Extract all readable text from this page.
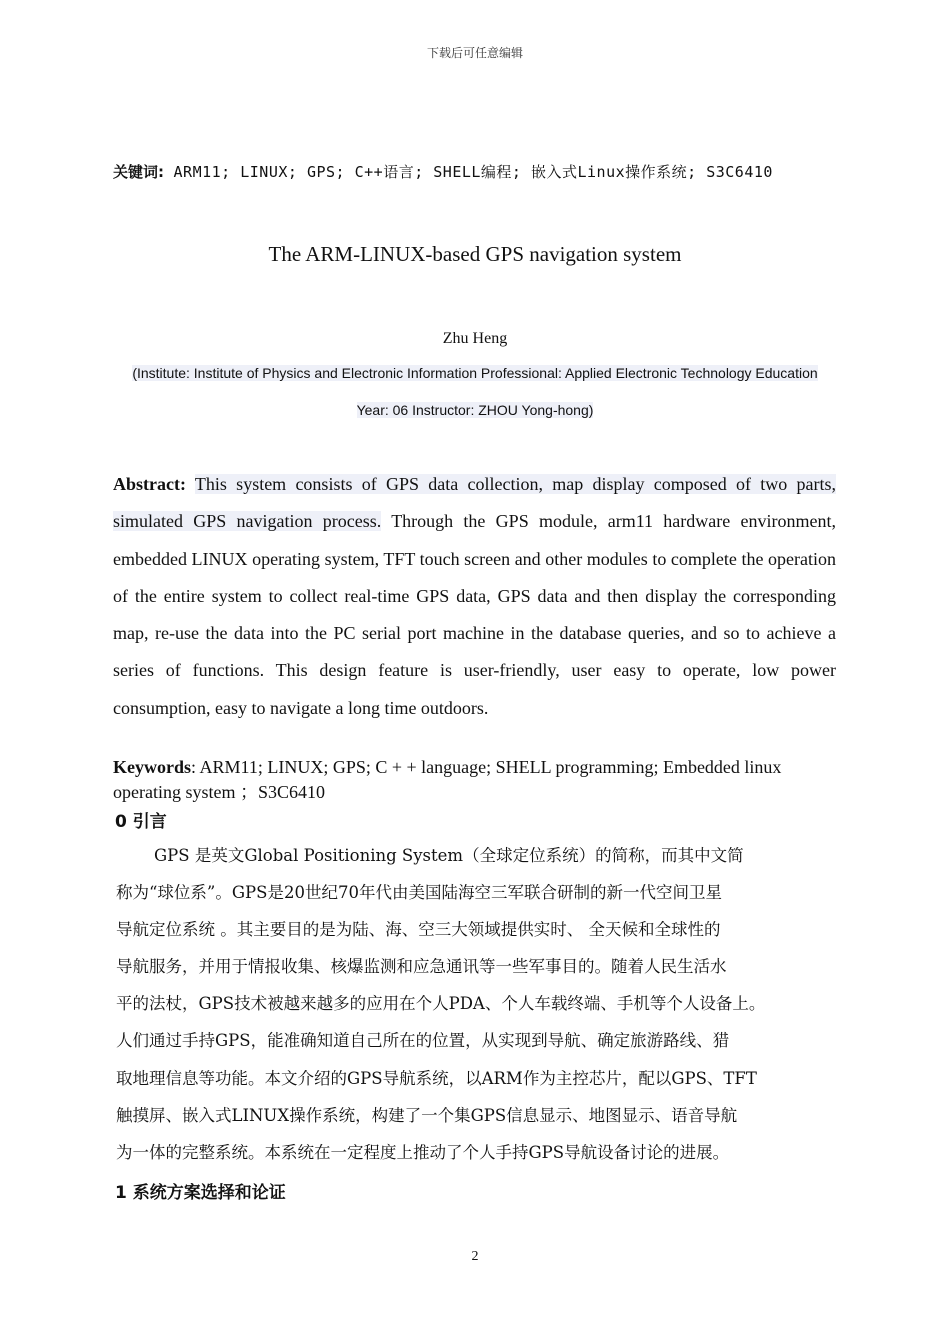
下载后可任意编辑
关键词: ARM11; LINUX; GPS; C++语言; SHELL编程; 嵌入式Linux操作系统; S3C6410
The ARM-LINUX-based GPS navigation system
Zhu Heng
(Institute: Institute of Physics and Electronic Information Professional: Applied Electronic Technology Education
Year: 06 Instructor: ZHOU Yong-hong)
Abstract: This system consists of GPS data collection, map display composed of two parts, simulated GPS navigation process. Through the GPS module, arm11 hardware environment, embedded LINUX operating system, TFT touch screen and other modules to complete the operation of the entire system to collect real-time GPS data, GPS data and then display the corresponding map, re-use the data into the PC serial port machine in the database queries, and so to achieve a series of functions. This design feature is user-friendly, user easy to operate, low power consumption, easy to navigate a long time outdoors.
Keywords: ARM11; LINUX; GPS; C + + language; SHELL programming; Embedded linux operating system ；S3C6410
0 引言
GPS 是英文Global Positioning System（全球定位系统）的简称，而其中文简
称为“球位系”。GPS是20世纪70年代由美国陆海空三军联合研制的新一代空间卫星
导航定位系统 。其主要目的是为陆、海、空三大领域提供实时、 全天候和全球性的
导航服务，并用于情报收集、核爆监测和应急通讯等一些军事目的。随着人民生活水
平的法杖，GPS技术被越来越多的应用在个人PDA、个人车载终端、手机等个人设备上。
人们通过手持GPS，能准确知道自己所在的位置，从实现到导航、确定旅游路线、猎
取地理信息等功能。本文介绍的GPS导航系统，以ARM作为主控芯片，配以GPS、TFT
触摸屏、嵌入式LINUX操作系统，构建了一个集GPS信息显示、地图显示、语音导航
为一体的完整系统。本系统在一定程度上推动了个人手持GPS导航设备讨论的进展。
1 系统方案选择和论证
2
